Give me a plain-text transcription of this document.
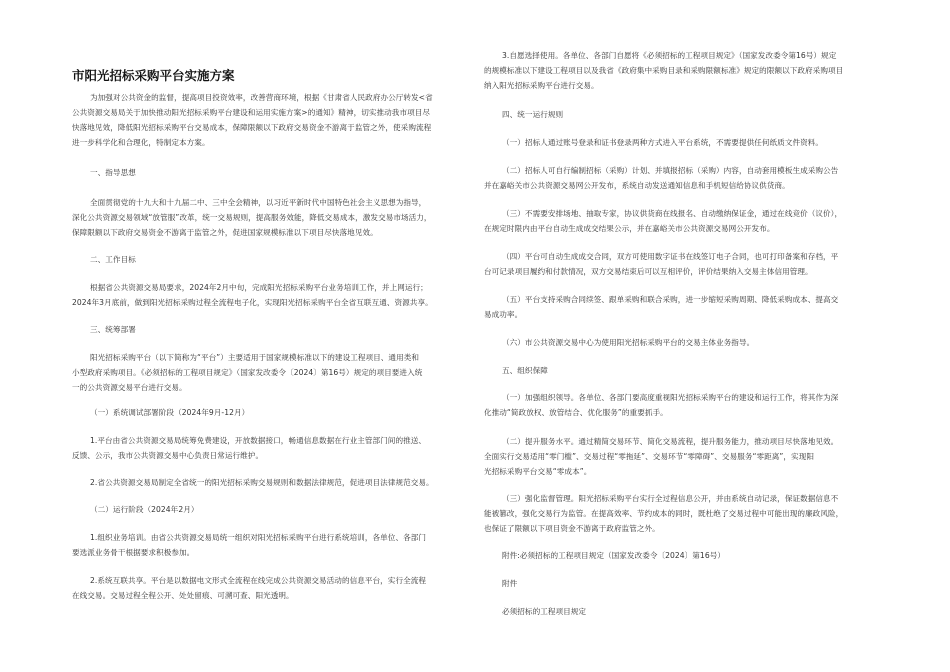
市阳光招标采购平台实施方案

为加强对公共资金的监督，提高项目投资效率，改善营商环境，根据《甘肃省人民政府办公厅转发<省

公共资源交易局关于加快推动阳光招标采购平台建设和运用实施方案>的通知》精神，切实推动我市项目尽

快落地见效，降低阳光招标采购平台交易成本，保障限额以下政府交易资金不游离于监管之外，使采购流程

进一步科学化和合理化，特制定本方案。

一、指导思想

全面贯彻党的十九大和十九届二中、三中全会精神，以习近平新时代中国特色社会主义思想为指导，

深化公共资源交易领域“放管服”改革，统一交易规则，提高服务效能，降低交易成本，激发交易市场活力，

保障限额以下政府交易资金不游离于监管之外，促进国家规模标准以下项目尽快落地见效。

二、工作目标

根据省公共资源交易局要求，2024年2月中旬，完成阳光招标采购平台业务培训工作，并上网运行；

2024年3月底前，做到阳光招标采购过程全流程电子化，实现阳光招标采购平台全省互联互通、资源共享。

三、统筹部署

阳光招标采购平台（以下简称为“平台”）主要适用于国家规模标准以下的建设工程项目、通用类和

小型政府采购项目。《必须招标的工程项目规定》（国家发改委令〔2024〕第16号）规定的项目要进入统

一的公共资源交易平台进行交易。

（一）系统调试部署阶段（2024年9月-12月）

1.平台由省公共资源交易局统筹免费建设，开放数据接口，畅通信息数据在行业主管部门间的推送、

反馈、公示，我市公共资源交易中心负责日常运行维护。

2.省公共资源交易局制定全省统一的阳光招标采购交易规则和数据法律规范，促进项目法律规范交易。

（二）运行阶段（2024年2月）

1.组织业务培训。由省公共资源交易局统一组织对阳光招标采购平台进行系统培训，各单位、各部门

要选派业务骨干根据要求积极参加。

2.系统互联共享。平台是以数据电文形式全流程在线完成公共资源交易活动的信息平台，实行全流程

在线交易。交易过程全程公开、处处留痕、可溯可查、阳光透明。

3.自愿选择使用。各单位、各部门自愿将《必须招标的工程项目规定》（国家发改委令第16号）规定

的规模标准以下建设工程项目以及我省《政府集中采购目录和采购限额标准》规定的限额以下政府采购项目

纳入阳光招标采购平台进行交易。

四、统一运行规则

（一）招标人通过账号登录和证书登录两种方式进入平台系统，不需要提供任何纸质文件资料。

（二）招标人可自行编制招标（采购）计划、并填报招标（采购）内容，自动套用模板生成采购公告

并在嘉峪关市公共资源交易网公开发布，系统自动发送通知信息和手机短信给协议供货商。

（三）不需要安排场地、抽取专家，协议供货商在线报名、自动缴纳保证金，通过在线竞价（议价），

在规定时限内由平台自动生成成交结果公示，并在嘉峪关市公共资源交易网公开发布。

（四）平台可自动生成成交合同，双方可使用数字证书在线签订电子合同，也可打印备案和存档，平

台可记录项目履约和付款情况，双方交易结束后可以互相评价，评价结果纳入交易主体信用管理。

（五）平台支持采购合同续签、跟单采购和联合采购，进一步缩短采购周期、降低采购成本、提高交

易成功率。

（六）市公共资源交易中心为使用阳光招标采购平台的交易主体业务指导。

五、组织保障

（一）加强组织领导。各单位、各部门要高度重视阳光招标采购平台的建设和运行工作，将其作为深

化推动“简政放权、放管结合、优化服务”的重要抓手。

（二）提升服务水平。通过精简交易环节、简化交易流程，提升服务能力，推动项目尽快落地见效。

全面实行交易适用“零门槛”、交易过程“零拖延”、交易环节“零障碍”、交易服务“零距离”，实现阳

光招标采购平台交易“零成本”。

（三）强化监督管理。阳光招标采购平台实行全过程信息公开，并由系统自动记录，保证数据信息不

能被篡改，强化交易行为监管。在提高效率、节约成本的同时，既杜绝了交易过程中可能出现的廉政风险，

也保证了限额以下项目资金不游离于政府监管之外。

附件:必须招标的工程项目规定（国家发改委令〔2024〕第16号）

附件

必须招标的工程项目规定
